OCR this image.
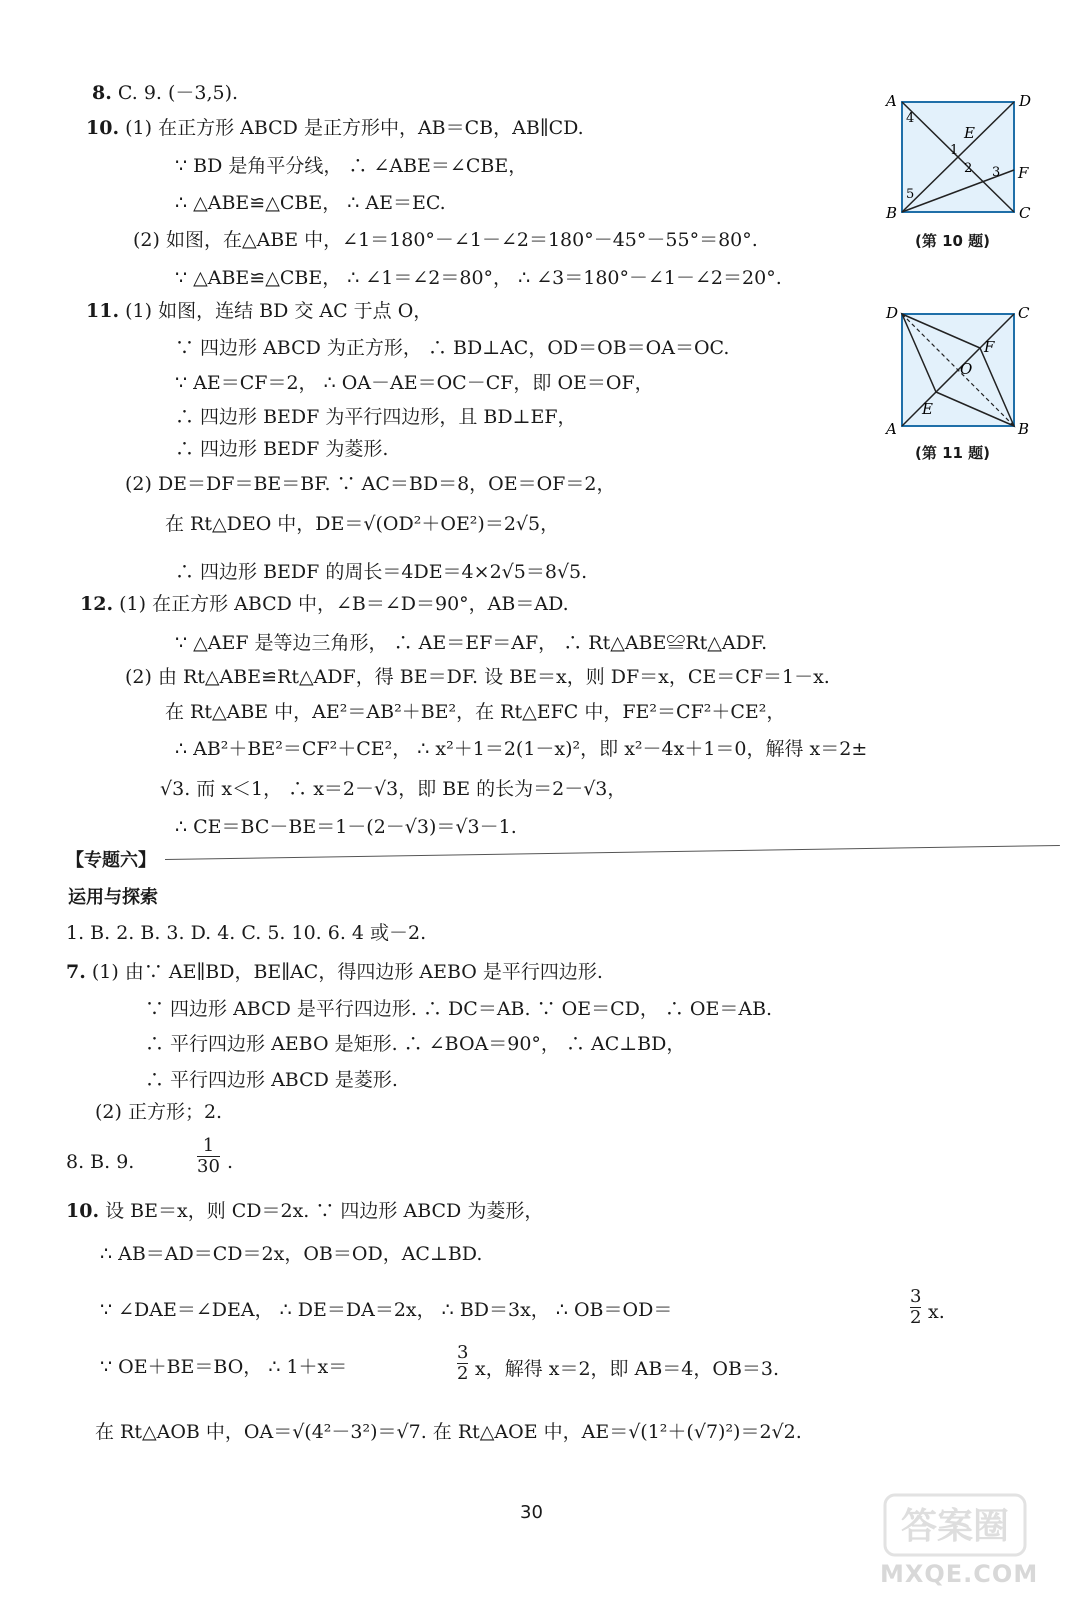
8. C. 9. (－3,5).
10. (1) 在正方形 ABCD 是正方形中，AB＝CB，AB∥CD.
∵ BD 是角平分线， ∴ ∠ABE＝∠CBE，
∴ △ABE≌△CBE， ∴ AE＝EC.
(2) 如图，在△ABE 中，∠1＝180°－∠1－∠2＝180°－45°－55°＝80°.
∵ △ABE≌△CBE， ∴ ∠1＝∠2＝80°， ∴ ∠3＝180°－∠1－∠2＝20°.
11. (1) 如图，连结 BD 交 AC 于点 O，
∵ 四边形 ABCD 为正方形， ∴ BD⊥AC，OD＝OB＝OA＝OC.
∵ AE＝CF＝2， ∴ OA－AE＝OC－CF，即 OE＝OF，
∴ 四边形 BEDF 为平行四边形，且 BD⊥EF，
∴ 四边形 BEDF 为菱形.
(2) DE＝DF＝BE＝BF. ∵ AC＝BD＝8，OE＝OF＝2，
在 Rt△DEO 中，DE＝√(OD²＋OE²)＝2√5，
∴ 四边形 BEDF 的周长＝4DE＝4×2√5＝8√5.
12. (1) 在正方形 ABCD 中，∠B＝∠D＝90°，AB＝AD.
∵ △AEF 是等边三角形， ∴ AE＝EF＝AF， ∴ Rt△ABE≌Rt△ADF.
(2) 由 Rt△ABE≌Rt△ADF，得 BE＝DF. 设 BE＝x，则 DF＝x，CE＝CF＝1－x.
在 Rt△ABE 中，AE²＝AB²＋BE²，在 Rt△EFC 中，FE²＝CF²＋CE²，
∴ AB²＋BE²＝CF²＋CE²， ∴ x²＋1＝2(1－x)²，即 x²－4x＋1＝0，解得 x＝2±
√3. 而 x＜1， ∴ x＝2－√3，即 BE 的长为＝2－√3，
∴ CE＝BC－BE＝1－(2－√3)＝√3－1.
【专题六】
运用与探索
1. B. 2. B. 3. D. 4. C. 5. 10. 6. 4 或－2.
7. (1) 由∵ AE∥BD，BE∥AC，得四边形 AEBO 是平行四边形.
∵ 四边形 ABCD 是平行四边形. ∴ DC＝AB. ∵ OE＝CD， ∴ OE＝AB.
∴ 平行四边形 AEBO 是矩形. ∴ ∠BOA＝90°， ∴ AC⊥BD，
∴ 平行四边形 ABCD 是菱形.
(2) 正方形；2.
8. B. 9.	$\frac{1}{30}$ .
10. 设 BE＝x，则 CD＝2x. ∵ 四边形 ABCD 为菱形，
∴ AB＝AD＝CD＝2x，OB＝OD，AC⊥BD.
∵ ∠DAE＝∠DEA， ∴ DE＝DA＝2x， ∴ BD＝3x， ∴ OB＝OD＝	$\frac{3}{2} x$.
∵ OE＋BE＝BO， ∴ 1＋x＝	$\frac{3}{2}$ x，解得 x＝2，即 AB＝4，OB＝3.
在 Rt△AOB 中，OA＝√(4²－3²)＝√7. 在 Rt△AOE 中，AE＝√(1²＋(√7)²)＝2√2.
A
B	C
D
E
F
1
2 3
4
5
(第 10 题)
D
A	B
C
F
E
O
(第 11 题)
30	答案圈
MXQE.COM
